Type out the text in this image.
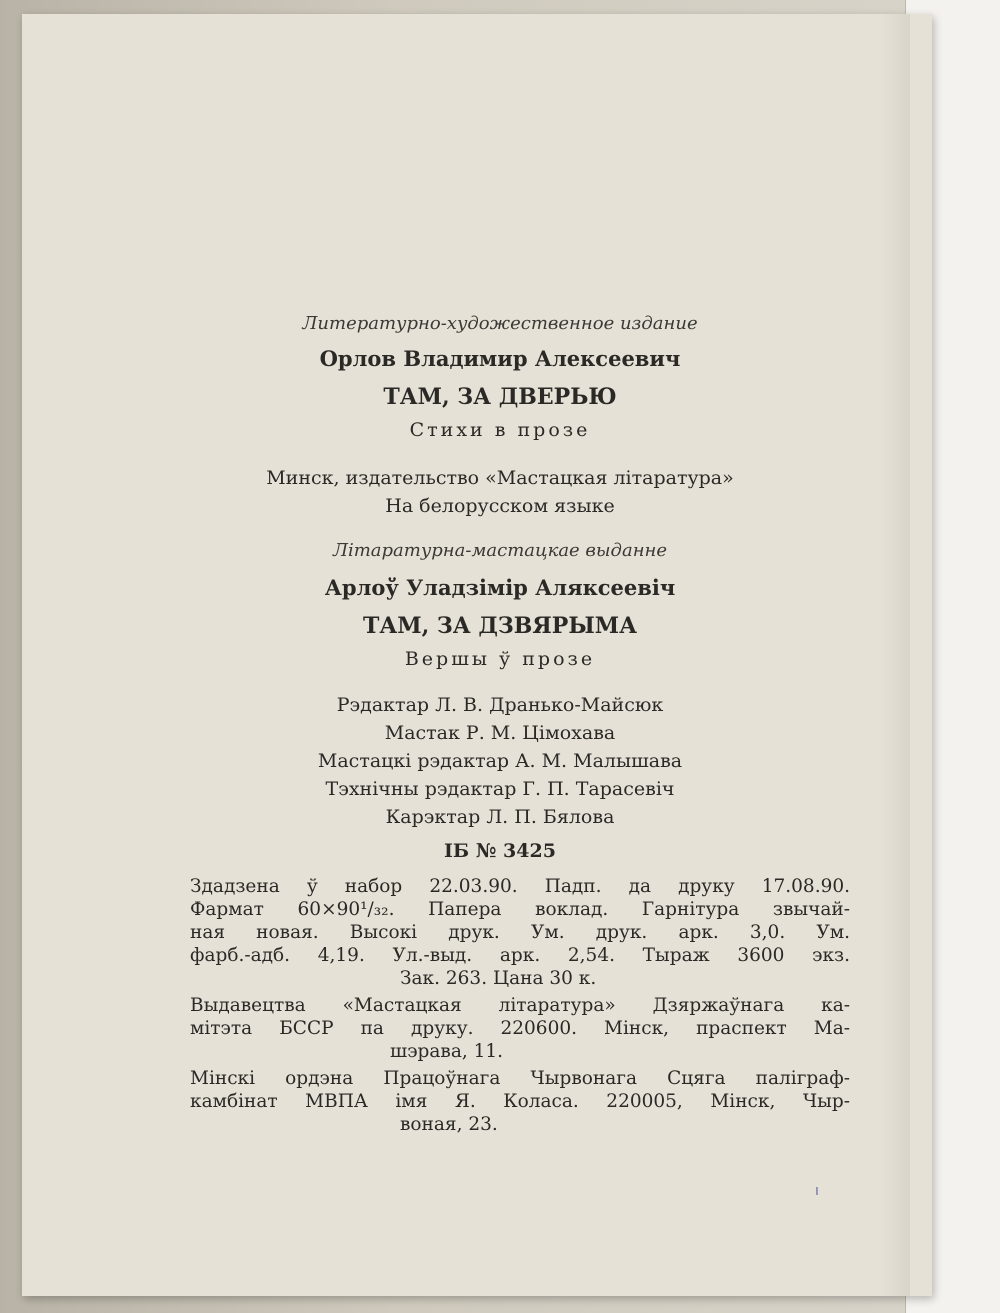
Литературно-художественное издание
Орлов Владимир Алексеевич
ТАМ, ЗА ДВЕРЬЮ
Стихи в прозе
Минск, издательство «Мастацкая літаратура»
На белорусском языке
Лiтаратурна-мастацкае выданне
Арлоў Уладзiмiр Аляксеевiч
ТАМ, ЗА ДЗВЯРЫМА
Вершы ў прозе
Рэдактар Л. В. Дранько-Майсюк
Мастак Р. М. Цiмохава
Мастацкi рэдактар А. М. Малышава
Тэхнiчны рэдактар Г. П. Тарасевiч
Карэктар Л. П. Бялова
IБ № 3425
Здадзена ў набор 22.03.90. Падп. да друку 17.08.90.
Фармат 60×90¹/₃₂. Папера воклад. Гарнiтура звычай-
ная новая. Высокi друк. Ум. друк. арк. 3,0. Ум.
фарб.-адб. 4,19. Ул.-выд. арк. 2,54. Тыраж 3600 экз.
Зак. 263. Цана 30 к.
Выдавецтва «Мастацкая лiтаратура» Дзяржаўнага ка-
мiтэта БССР па друку. 220600. Мiнск, праспект Ма-
шэрава, 11.
Мiнскi ордэна Працоўнага Чырвонага Сцяга палiграф-
камбiнат МВПА iмя Я. Коласа. 220005, Мiнск, Чыр-
воная, 23.
ı
